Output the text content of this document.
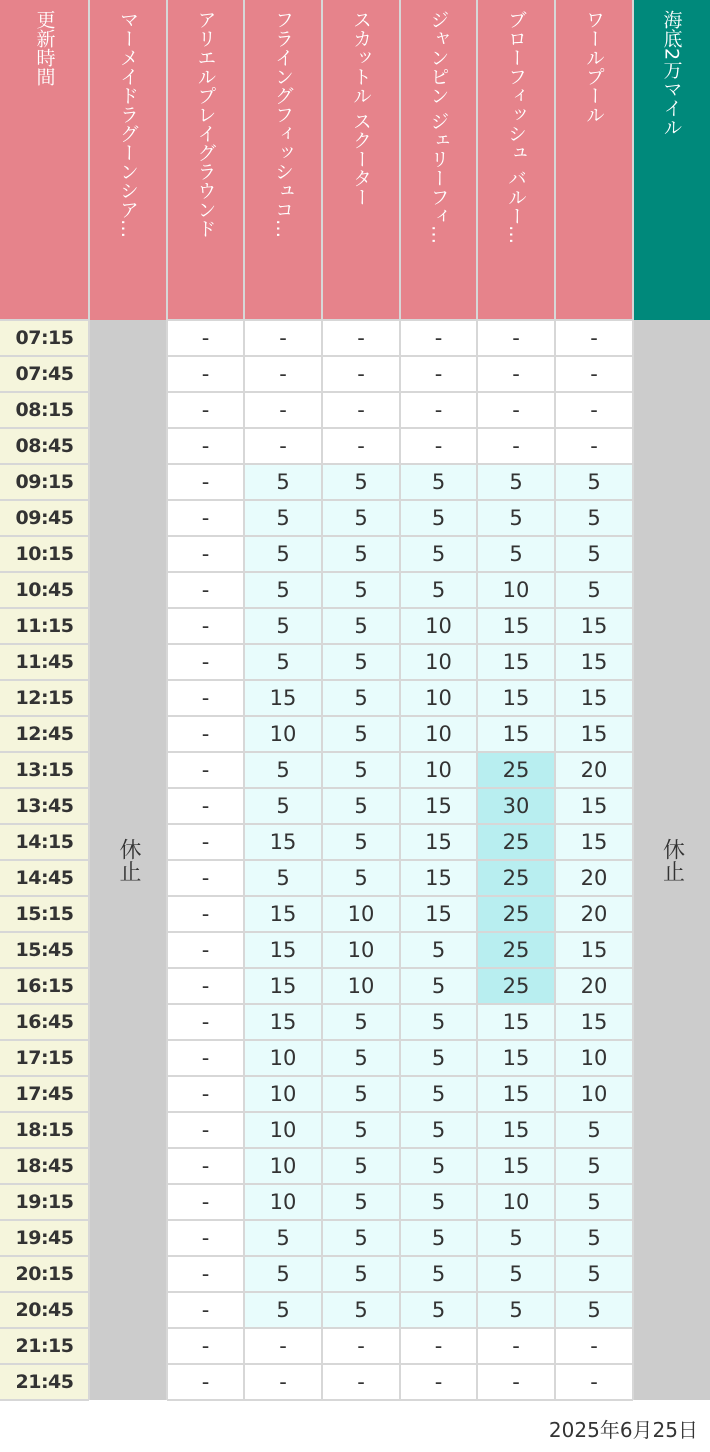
更新時間	マーメイドラグーンシア …	アリエルプレイグラウンド	フライングフィッシュコ …	スカットル スクーター	ジャンピン ジェリーフィ …	ブローフィッシュ バルー …	ワールプール	海底2万マイル
07:15	-	-	-	-	-	-
07:45	-	-	-	-	-	-
08:15	-	-	-	-	-	-
08:45	-	-	-	-	-	-
09:15	-	5	5	5	5	5
09:45	-	5	5	5	5	5
10:15	-	5	5	5	5	5
10:45	-	5	5	5	10	5
11:15	-	5	5	10	15	15
11:45	-	5	5	10	15	15
12:15	-	15	5	10	15	15
12:45	-	10	5	10	15	15
13:15	-	5	5	10	25	20
13:45	-	5	5	15	30	15
14:15	-	15	5	15	25	15
14:45	-	5	5	15	25	20
15:15	-	15	10	15	25	20
15:45	-	15	10	5	25	15
16:15	-	15	10	5	25	20
16:45	-	15	5	5	15	15
17:15	-	10	5	5	15	10
17:45	-	10	5	5	15	10
18:15	-	10	5	5	15	5
18:45	-	10	5	5	15	5
19:15	-	10	5	5	10	5
19:45	-	5	5	5	5	5
20:15	-	5	5	5	5	5
20:45	-	5	5	5	5	5
21:15	-	-	-	-	-	-
21:45	-	-	-	-	-	-
休止	休止
2025年6月25日
